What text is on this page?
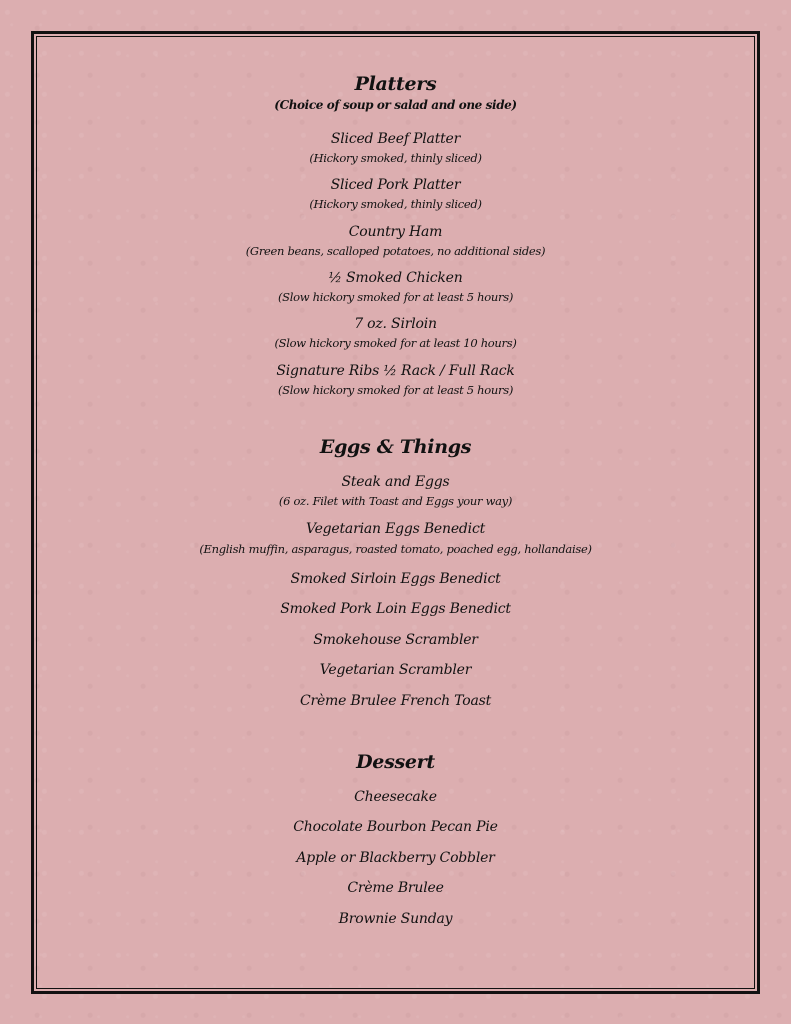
Platters
(Choice of soup or salad and one side)
Sliced Beef Platter
(Hickory smoked, thinly sliced)
Sliced Pork Platter
(Hickory smoked, thinly sliced)
Country Ham
(Green beans, scalloped potatoes, no additional sides)
½ Smoked Chicken
(Slow hickory smoked for at least 5 hours)
7 oz. Sirloin
(Slow hickory smoked for at least 10 hours)
Signature Ribs ½ Rack / Full Rack
(Slow hickory smoked for at least 5 hours)
Eggs & Things
Steak and Eggs
(6 oz. Filet with Toast and Eggs your way)
Vegetarian Eggs Benedict
(English muffin, asparagus, roasted tomato, poached egg, hollandaise)
Smoked Sirloin Eggs Benedict
Smoked Pork Loin Eggs Benedict
Smokehouse Scrambler
Vegetarian Scrambler
Crème Brulee French Toast
Dessert
Cheesecake
Chocolate Bourbon Pecan Pie
Apple or Blackberry Cobbler
Crème Brulee
Brownie Sunday
